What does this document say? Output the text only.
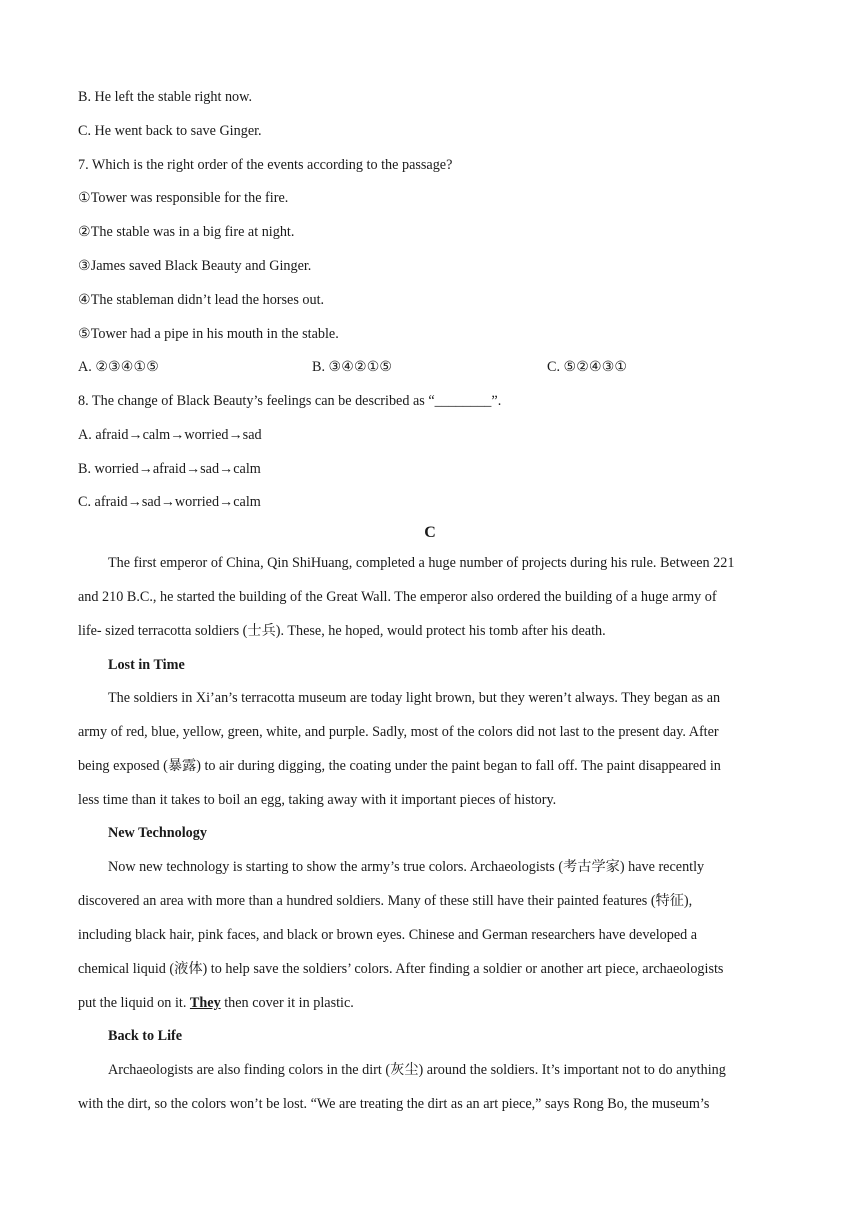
B. He left the stable right now.
C. He went back to save Ginger.
7. Which is the right order of the events according to the passage?
①Tower was responsible for the fire.
②The stable was in a big fire at night.
③James saved Black Beauty and Ginger.
④The stableman didn’t lead the horses out.
⑤Tower had a pipe in his mouth in the stable.
A. ②③④①⑤	B. ③④②①⑤	C. ⑤②④③①
8. The change of Black Beauty’s feelings can be described as “________”.
A. afraid→calm→worried→sad
B. worried→afraid→sad→calm
C. afraid→sad→worried→calm
C
The first emperor of China, Qin ShiHuang, completed a huge number of projects during his rule. Between 221
and 210 B.C., he started the building of the Great Wall. The emperor also ordered the building of a huge army of
life- sized terracotta soldiers (士兵). These, he hoped, would protect his tomb after his death.
Lost in Time
The soldiers in Xi’an’s terracotta museum are today light brown, but they weren’t always. They began as an
army of red, blue, yellow, green, white, and purple. Sadly, most of the colors did not last to the present day. After
being exposed (暴露) to air during digging, the coating under the paint began to fall off. The paint disappeared in
less time than it takes to boil an egg, taking away with it important pieces of history.
New Technology
Now new technology is starting to show the army’s true colors. Archaeologists (考古学家) have recently
discovered an area with more than a hundred soldiers. Many of these still have their painted features (特征),
including black hair, pink faces, and black or brown eyes. Chinese and German researchers have developed a
chemical liquid (液体) to help save the soldiers’ colors. After finding a soldier or another art piece, archaeologists
put the liquid on it. They then cover it in plastic.
Back to Life
Archaeologists are also finding colors in the dirt (灰尘) around the soldiers. It’s important not to do anything
with the dirt, so the colors won’t be lost. “We are treating the dirt as an art piece,” says Rong Bo, the museum’s
